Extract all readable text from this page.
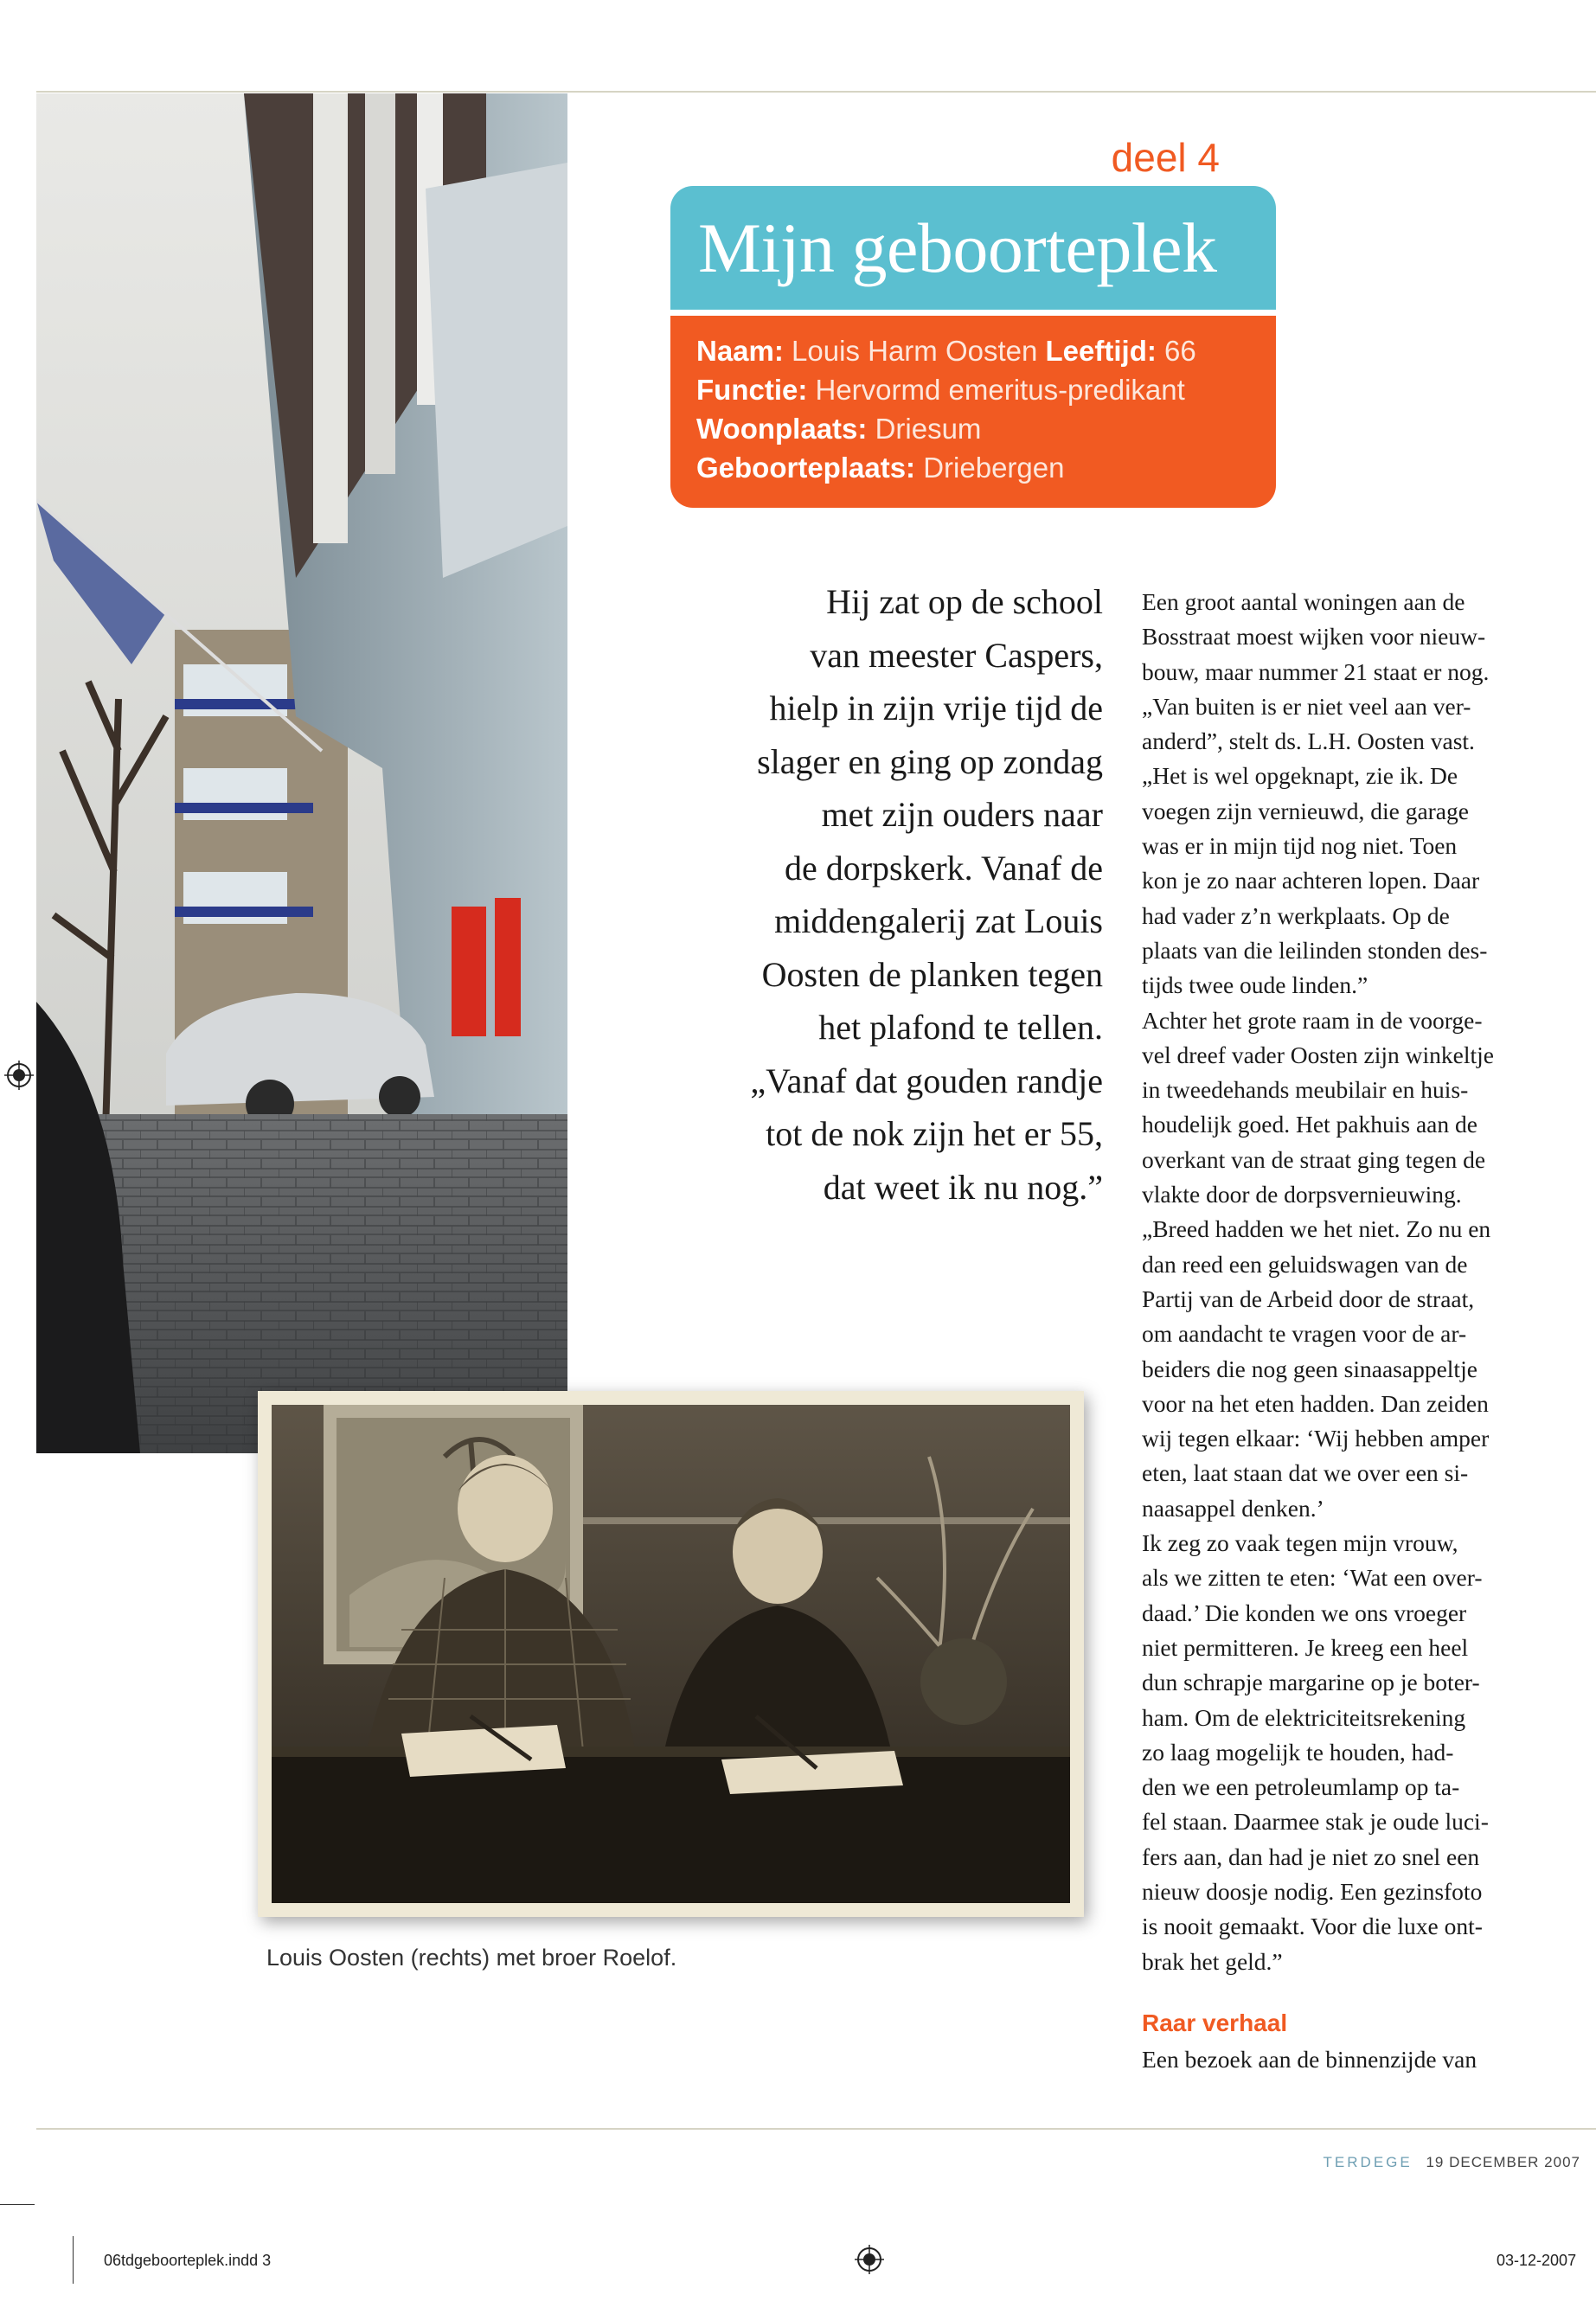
deel 4
Mijn geboorteplek
Naam: Louis Harm Oosten Leeftijd: 66
Functie: Hervormd emeritus-predikant
Woonplaats: Driesum
Geboorteplaats: Driebergen
Hij zat op de school
van meester Caspers,
hielp in zijn vrije tijd de
slager en ging op zondag
met zijn ouders naar
de dorpskerk. Vanaf de
middengalerij zat Louis
Oosten de planken tegen
het plafond te tellen.
„Vanaf dat gouden randje
tot de nok zijn het er 55,
dat weet ik nu nog.”

Een groot aantal woningen aan de

Bosstraat moest wijken voor nieuw-

bouw, maar nummer 21 staat er nog.

„Van buiten is er niet veel aan ver-

anderd”, stelt ds. L.H. Oosten vast.

„Het is wel opgeknapt, zie ik. De

voegen zijn vernieuwd, die garage

was er in mijn tijd nog niet. Toen

kon je zo naar achteren lopen. Daar

had vader z’n werkplaats. Op de

plaats van die leilinden stonden des-

tijds twee oude linden.”

Achter het grote raam in de voorge-

vel dreef vader Oosten zijn winkeltje

in tweedehands meubilair en huis-

houdelijk goed. Het pakhuis aan de

overkant van de straat ging tegen de

vlakte door de dorpsvernieuwing.

„Breed hadden we het niet. Zo nu en

dan reed een geluidswagen van de

Partij van de Arbeid door de straat,

om aandacht te vragen voor de ar-

beiders die nog geen sinaasappeltje

voor na het eten hadden. Dan zeiden

wij tegen elkaar: ‘Wij hebben amper

eten, laat staan dat we over een si-

naasappel denken.’

Ik zeg zo vaak tegen mijn vrouw,

als we zitten te eten: ‘Wat een over-

daad.’ Die konden we ons vroeger

niet permitteren. Je kreeg een heel

dun schrapje margarine op je boter-

ham. Om de elektriciteitsrekening

zo laag mogelijk te houden, had-

den we een petroleumlamp op ta-

fel staan. Daarmee stak je oude luci-

fers aan, dan had je niet zo snel een

nieuw doosje nodig. Een gezinsfoto

is nooit gemaakt. Voor die luxe ont-

brak het geld.”

Raar verhaal
Een bezoek aan de binnenzijde van
Louis Oosten (rechts) met broer Roelof.
TERDEGE 19 DECEMBER 2007
06tdgeboorteplek.indd 3	03-12-2007
